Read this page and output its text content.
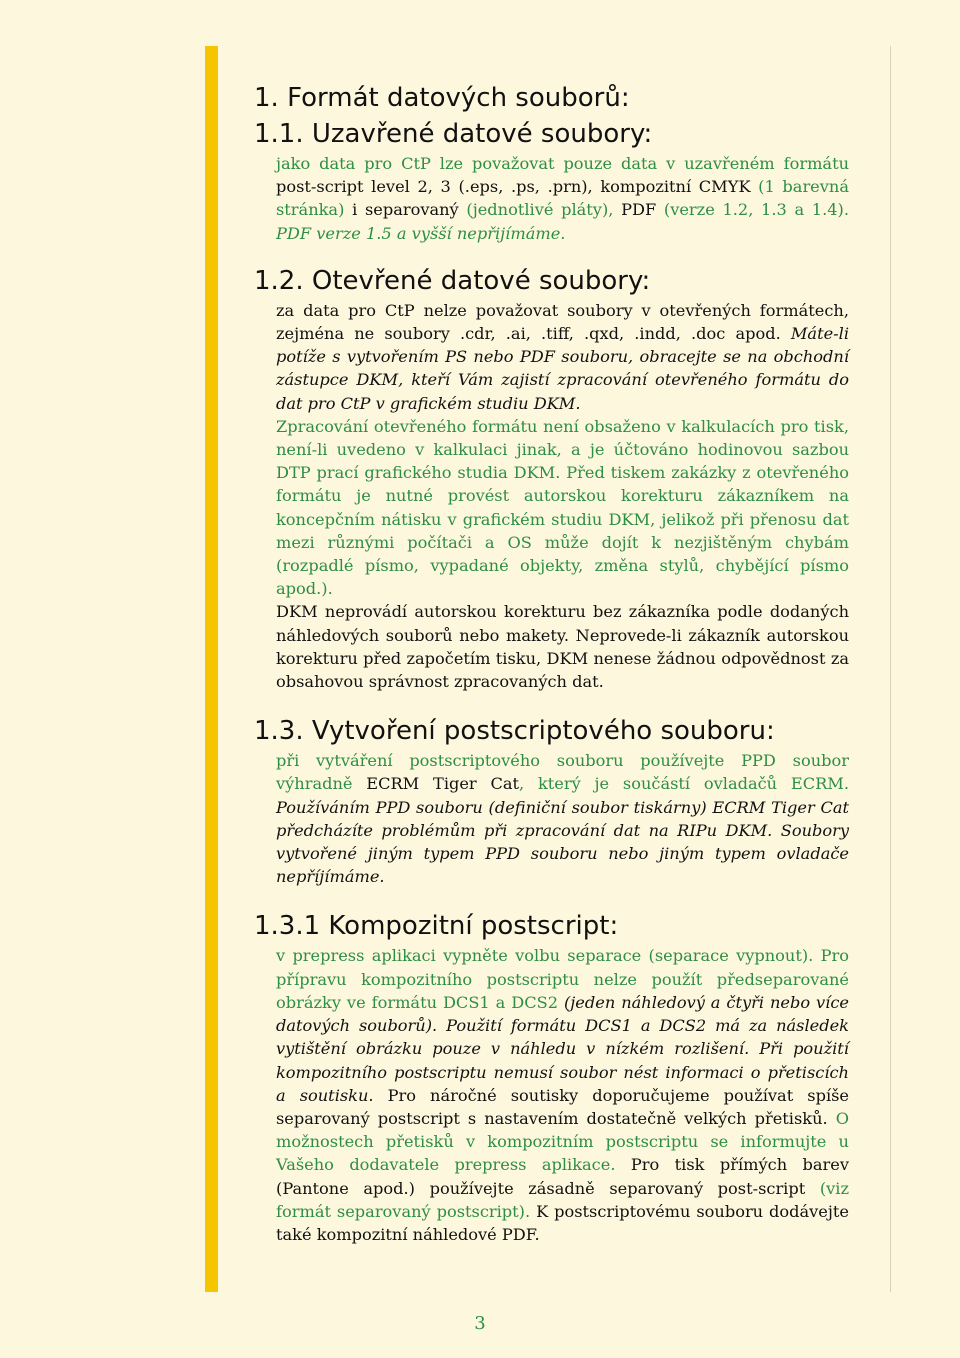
1. Formát datových souborů:
1.1. Uzavřené datové soubory:

jako data pro CtP lze považovat pouze data v uzavřeném formátu post-script level 2, 3 (.eps, .ps, .prn), kompozitní CMYK (1 barevná stránka) i separovaný (jednotlivé pláty), PDF (verze 1.2, 1.3 a 1.4). PDF verze 1.5 a vyšší nepřijímáme.

1.2. Otevřené datové soubory:

za data pro CtP nelze považovat soubory v otevřených formátech, zejména ne soubory .cdr, .ai, .tiff, .qxd, .indd, .doc apod. Máte-li potíže s vytvořením PS nebo PDF souboru, obracejte se na obchodní zástupce DKM, kteří Vám zajistí zpracování otevřeného formátu do dat pro CtP v grafickém studiu DKM.

Zpracování otevřeného formátu není obsaženo v kalkulacích pro tisk, není-li uvedeno v kalkulaci jinak, a je účtováno hodinovou sazbou DTP prací grafického studia DKM. Před tiskem zakázky z otevřeného formátu je nutné provést autorskou korekturu zákazníkem na koncepčním nátisku v grafickém studiu DKM, jelikož při přenosu dat mezi různými počítači a OS může dojít k nezjištěným chybám (rozpadlé písmo, vypadané objekty, změna stylů, chybějící písmo apod.).

DKM neprovádí autorskou korekturu bez zákazníka podle dodaných náhledových souborů nebo makety. Neprovede-li zákazník autorskou korekturu před započetím tisku, DKM nenese žádnou odpovědnost za obsahovou správnost zpracovaných dat.

1.3. Vytvoření postscriptového souboru:

při vytváření postscriptového souboru používejte PPD soubor výhradně ECRM Tiger Cat, který je součástí ovladačů ECRM. Používáním PPD souboru (definiční soubor tiskárny) ECRM Tiger Cat předcházíte problémům při zpracování dat na RIPu DKM. Soubory vytvořené jiným typem PPD souboru nebo jiným typem ovladače nepříjímáme.

1.3.1 Kompozitní postscript:

v prepress aplikaci vypněte volbu separace (separace vypnout). Pro přípravu kompozitního postscriptu nelze použít předseparované obrázky ve formátu DCS1 a DCS2 (jeden náhledový a čtyři nebo více datových souborů). Použití formátu DCS1 a DCS2 má za následek vytištění obrázku pouze v náhledu v nízkém rozlišení. Při použití kompozitního postscriptu nemusí soubor nést informaci o přetiscích a soutisku. Pro náročné soutisky doporučujeme používat spíše separovaný postscript s nastavením dostatečně velkých přetisků. O možnostech přetisků v kompozitním postscriptu se informujte u Vašeho dodavatele prepress aplikace. Pro tisk přímých barev (Pantone apod.) používejte zásadně separovaný post-script (viz formát separovaný postscript). K postscriptovému souboru dodávejte také kompozitní náhledové PDF.

3
